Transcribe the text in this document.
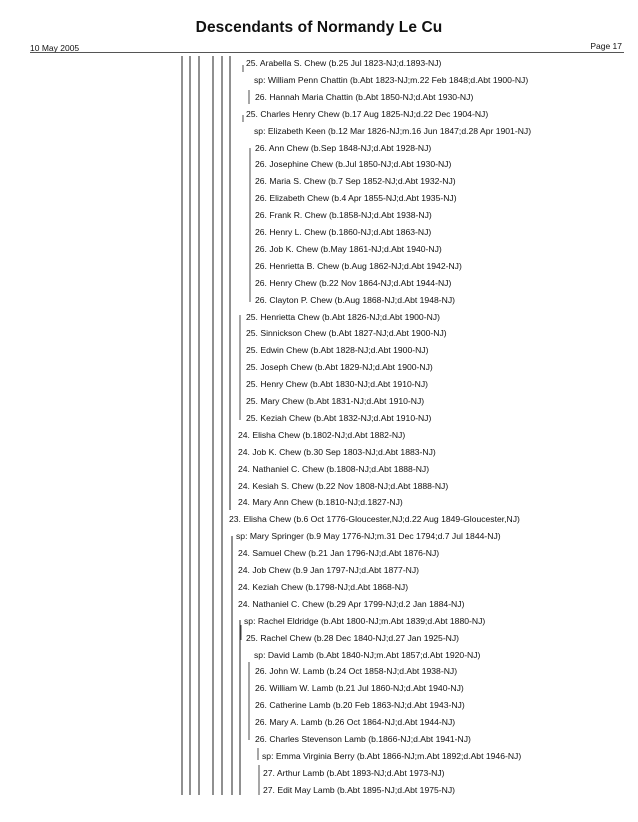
Descendants of Normandy Le Cu
10 May 2005	Page 17
25. Arabella S. Chew (b.25 Jul 1823-NJ;d.1893-NJ)
sp: William Penn Chattin (b.Abt 1823-NJ;m.22 Feb 1848;d.Abt 1900-NJ)
26. Hannah Maria Chattin (b.Abt 1850-NJ;d.Abt 1930-NJ)
25. Charles Henry Chew (b.17 Aug 1825-NJ;d.22 Dec 1904-NJ)
sp: Elizabeth Keen (b.12 Mar 1826-NJ;m.16 Jun 1847;d.28 Apr 1901-NJ)
26. Ann Chew (b.Sep 1848-NJ;d.Abt 1928-NJ)
26. Josephine Chew (b.Jul 1850-NJ;d.Abt 1930-NJ)
26. Maria S. Chew (b.7 Sep 1852-NJ;d.Abt 1932-NJ)
26. Elizabeth Chew (b.4 Apr 1855-NJ;d.Abt 1935-NJ)
26. Frank R. Chew (b.1858-NJ;d.Abt 1938-NJ)
26. Henry L. Chew (b.1860-NJ;d.Abt 1863-NJ)
26. Job K. Chew (b.May 1861-NJ;d.Abt 1940-NJ)
26. Henrietta B. Chew (b.Aug 1862-NJ;d.Abt 1942-NJ)
26. Henry Chew (b.22 Nov 1864-NJ;d.Abt 1944-NJ)
26. Clayton P. Chew (b.Aug 1868-NJ;d.Abt 1948-NJ)
25. Henrietta Chew (b.Abt 1826-NJ;d.Abt 1900-NJ)
25. Sinnickson Chew (b.Abt 1827-NJ;d.Abt 1900-NJ)
25. Edwin Chew (b.Abt 1828-NJ;d.Abt 1900-NJ)
25. Joseph Chew (b.Abt 1829-NJ;d.Abt 1900-NJ)
25. Henry Chew (b.Abt 1830-NJ;d.Abt 1910-NJ)
25. Mary Chew (b.Abt 1831-NJ;d.Abt 1910-NJ)
25. Keziah Chew (b.Abt 1832-NJ;d.Abt 1910-NJ)
24. Elisha Chew (b.1802-NJ;d.Abt 1882-NJ)
24. Job K. Chew (b.30 Sep 1803-NJ;d.Abt 1883-NJ)
24. Nathaniel C. Chew (b.1808-NJ;d.Abt 1888-NJ)
24. Kesiah S. Chew (b.22 Nov 1808-NJ;d.Abt 1888-NJ)
24. Mary Ann Chew (b.1810-NJ;d.1827-NJ)
23. Elisha Chew (b.6 Oct 1776-Gloucester,NJ;d.22 Aug 1849-Gloucester,NJ)
sp: Mary Springer (b.9 May 1776-NJ;m.31 Dec 1794;d.7 Jul 1844-NJ)
24. Samuel Chew (b.21 Jan 1796-NJ;d.Abt 1876-NJ)
24. Job Chew (b.9 Jan 1797-NJ;d.Abt 1877-NJ)
24. Keziah Chew (b.1798-NJ;d.Abt 1868-NJ)
24. Nathaniel C. Chew (b.29 Apr 1799-NJ;d.2 Jan 1884-NJ)
sp: Rachel Eldridge (b.Abt 1800-NJ;m.Abt 1839;d.Abt 1880-NJ)
25. Rachel Chew (b.28 Dec 1840-NJ;d.27 Jan 1925-NJ)
sp: David Lamb (b.Abt 1840-NJ;m.Abt 1857;d.Abt 1920-NJ)
26. John W. Lamb (b.24 Oct 1858-NJ;d.Abt 1938-NJ)
26. William W. Lamb (b.21 Jul 1860-NJ;d.Abt 1940-NJ)
26. Catherine Lamb (b.20 Feb 1863-NJ;d.Abt 1943-NJ)
26. Mary A. Lamb (b.26 Oct 1864-NJ;d.Abt 1944-NJ)
26. Charles Stevenson Lamb (b.1866-NJ;d.Abt 1941-NJ)
sp: Emma Virginia Berry (b.Abt 1866-NJ;m.Abt 1892;d.Abt 1946-NJ)
27. Arthur Lamb (b.Abt 1893-NJ;d.Abt 1973-NJ)
27. Edit May Lamb (b.Abt 1895-NJ;d.Abt 1975-NJ)
